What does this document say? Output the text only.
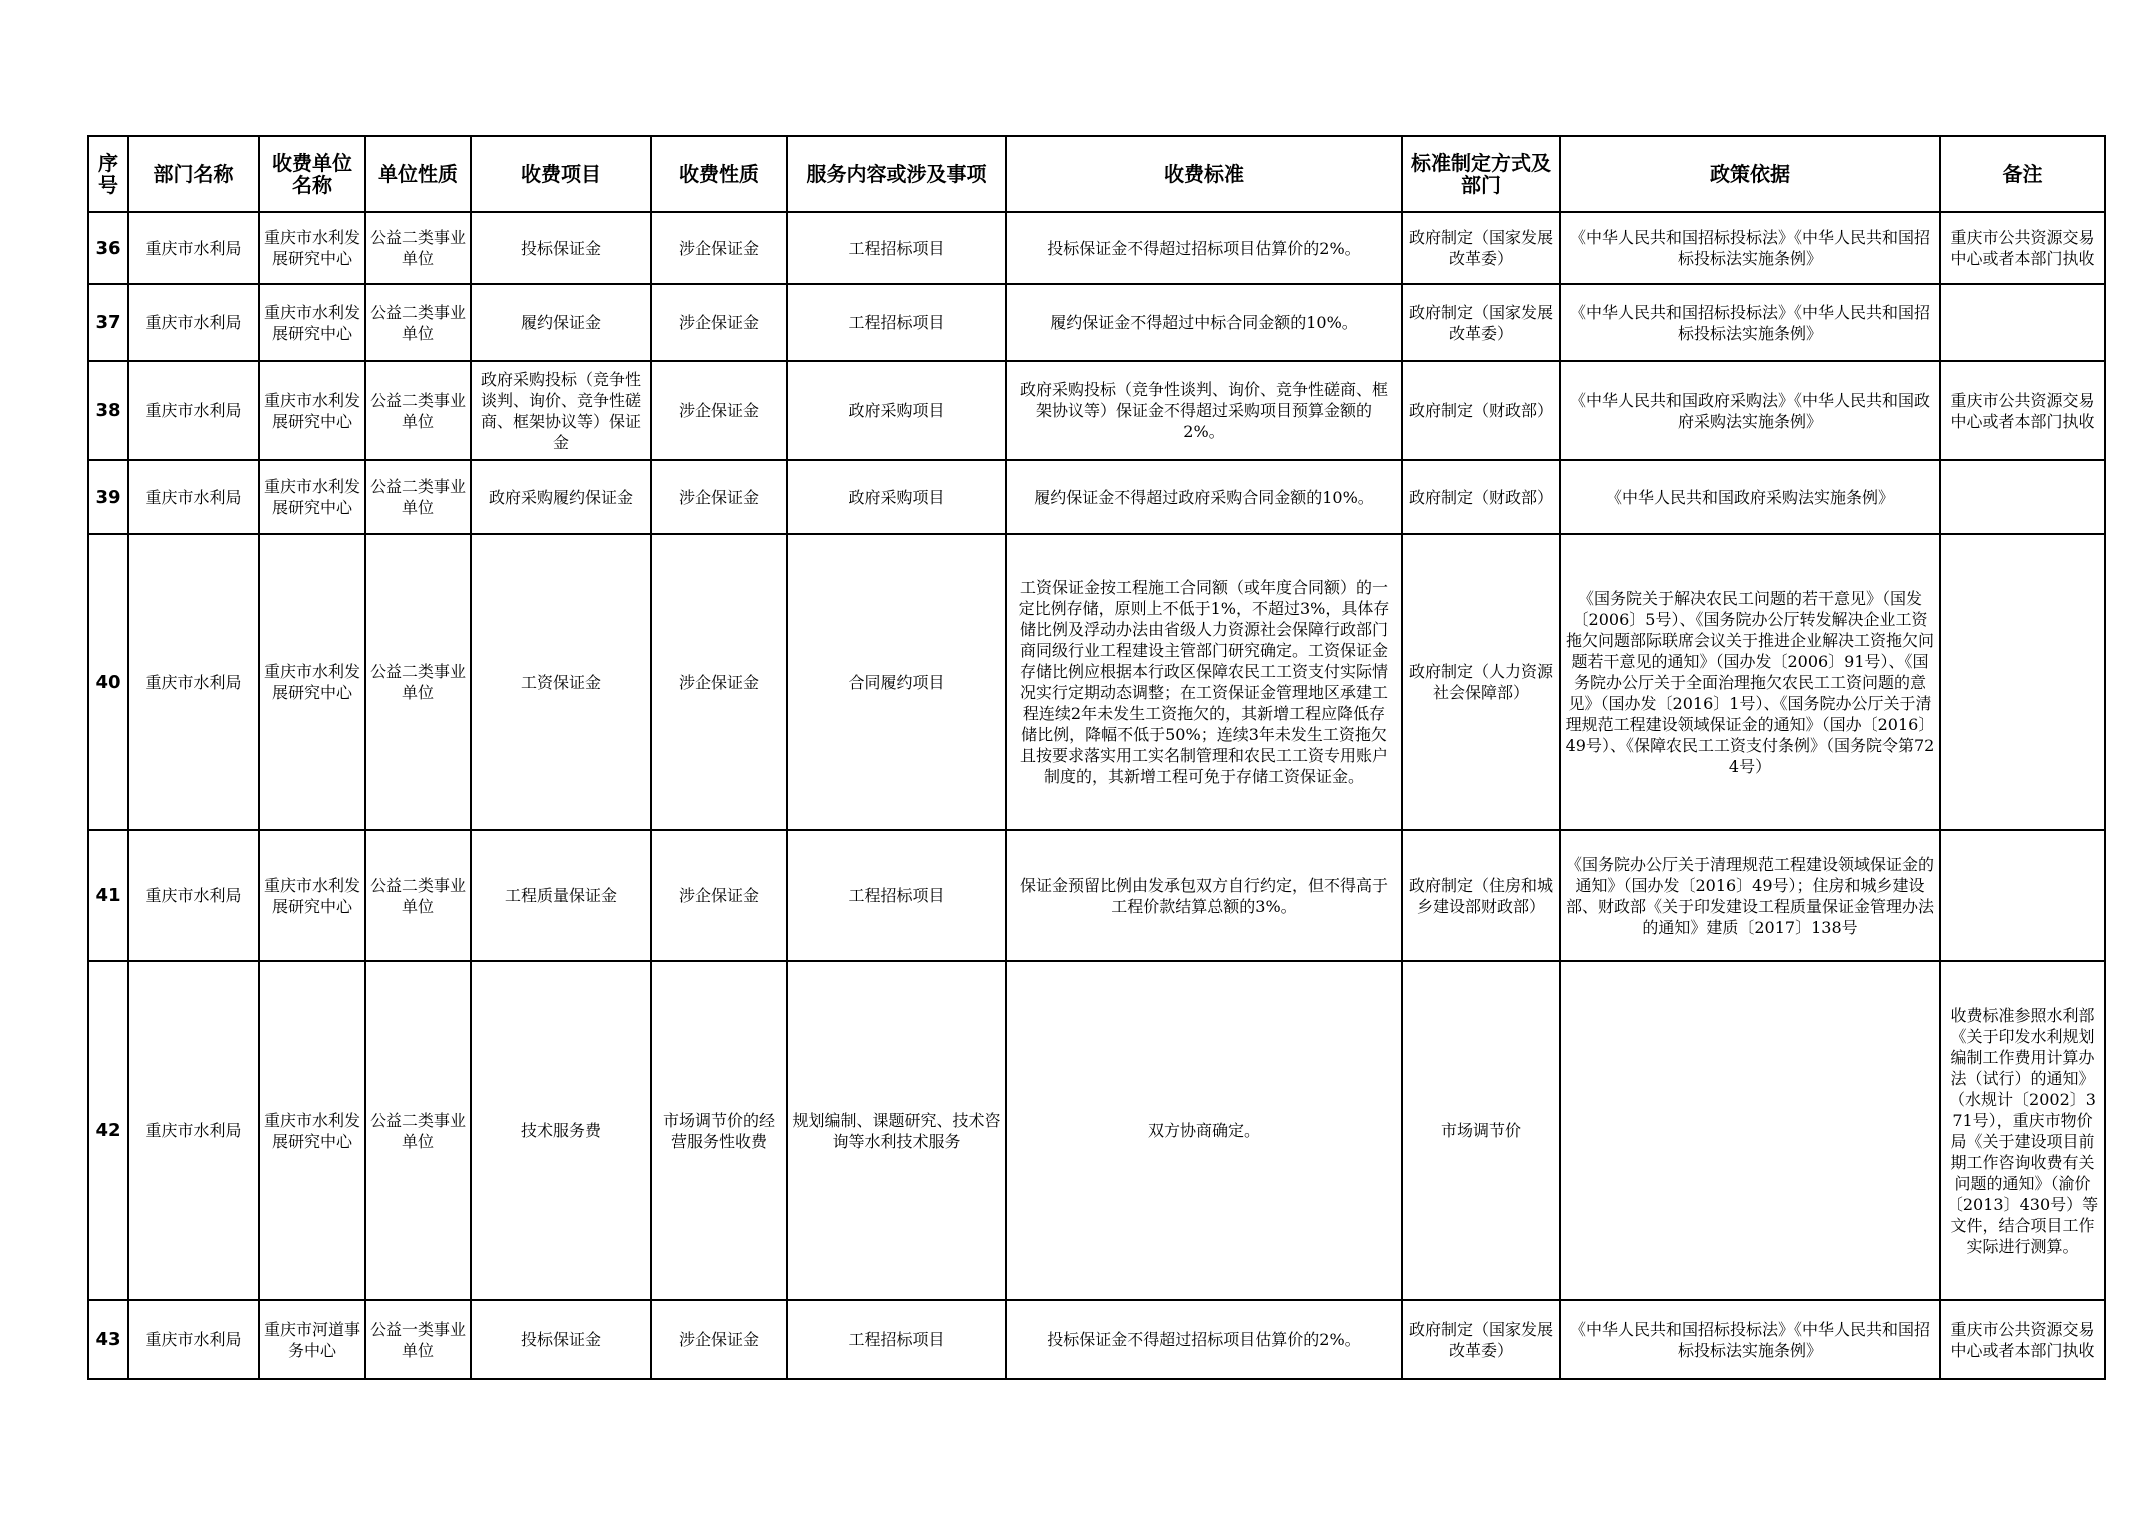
序号	部门名称	收费单位名称	单位性质	收费项目	收费性质	服务内容或涉及事项	收费标准	标准制定方式及部门	政策依据	备注
36	重庆市水利局	重庆市水利发展研究中心	公益二类事业单位	投标保证金	涉企保证金	工程招标项目	投标保证金不得超过招标项目估算价的2%。	政府制定（国家发展改革委）	《中华人民共和国招标投标法》《中华人民共和国招标投标法实施条例》	重庆市公共资源交易中心或者本部门执收
37	重庆市水利局	重庆市水利发展研究中心	公益二类事业单位	履约保证金	涉企保证金	工程招标项目	履约保证金不得超过中标合同金额的10%。	政府制定（国家发展改革委）	《中华人民共和国招标投标法》《中华人民共和国招标投标法实施条例》	
38	重庆市水利局	重庆市水利发展研究中心	公益二类事业单位	政府采购投标（竞争性谈判、询价、竞争性磋商、框架协议等）保证金	涉企保证金	政府采购项目	政府采购投标（竞争性谈判、询价、竞争性磋商、框架协议等）保证金不得超过采购项目预算金额的2%。	政府制定（财政部）	《中华人民共和国政府采购法》《中华人民共和国政府采购法实施条例》	重庆市公共资源交易中心或者本部门执收
39	重庆市水利局	重庆市水利发展研究中心	公益二类事业单位	政府采购履约保证金	涉企保证金	政府采购项目	履约保证金不得超过政府采购合同金额的10%。	政府制定（财政部）	《中华人民共和国政府采购法实施条例》	
40	重庆市水利局	重庆市水利发展研究中心	公益二类事业单位	工资保证金	涉企保证金	合同履约项目	工资保证金按工程施工合同额（或年度合同额）的一定比例存储，原则上不低于1%，不超过3%，具体存储比例及浮动办法由省级人力资源社会保障行政部门商同级行业工程建设主管部门研究确定。工资保证金存储比例应根据本行政区保障农民工工资支付实际情况实行定期动态调整；在工资保证金管理地区承建工程连续2年未发生工资拖欠的，其新增工程应降低存储比例，降幅不低于50%；连续3年未发生工资拖欠且按要求落实用工实名制管理和农民工工资专用账户制度的，其新增工程可免于存储工资保证金。	政府制定（人力资源社会保障部）	《国务院关于解决农民工问题的若干意见》（国发〔2006〕5号）、《国务院办公厅转发解决企业工资拖欠问题部际联席会议关于推进企业解决工资拖欠问题若干意见的通知》（国办发〔2006〕91号）、《国务院办公厅关于全面治理拖欠农民工工资问题的意见》（国办发〔2016〕1号）、《国务院办公厅关于清理规范工程建设领域保证金的通知》（国办〔2016〕49号）、《保障农民工工资支付条例》（国务院令第724号）	
41	重庆市水利局	重庆市水利发展研究中心	公益二类事业单位	工程质量保证金	涉企保证金	工程招标项目	保证金预留比例由发承包双方自行约定，但不得高于工程价款结算总额的3%。	政府制定（住房和城乡建设部财政部）	《国务院办公厅关于清理规范工程建设领域保证金的通知》（国办发〔2016〕49号）；住房和城乡建设部、财政部《关于印发建设工程质量保证金管理办法的通知》建质〔2017〕138号	
42	重庆市水利局	重庆市水利发展研究中心	公益二类事业单位	技术服务费	市场调节价的经营服务性收费	规划编制、课题研究、技术咨询等水利技术服务	双方协商确定。	市场调节价		收费标准参照水利部《关于印发水利规划编制工作费用计算办法（试行）的通知》（水规计〔2002〕371号），重庆市物价局《关于建设项目前期工作咨询收费有关问题的通知》（渝价〔2013〕430号）等文件，结合项目工作实际进行测算。
43	重庆市水利局	重庆市河道事务中心	公益一类事业单位	投标保证金	涉企保证金	工程招标项目	投标保证金不得超过招标项目估算价的2%。	政府制定（国家发展改革委）	《中华人民共和国招标投标法》《中华人民共和国招标投标法实施条例》	重庆市公共资源交易中心或者本部门执收
